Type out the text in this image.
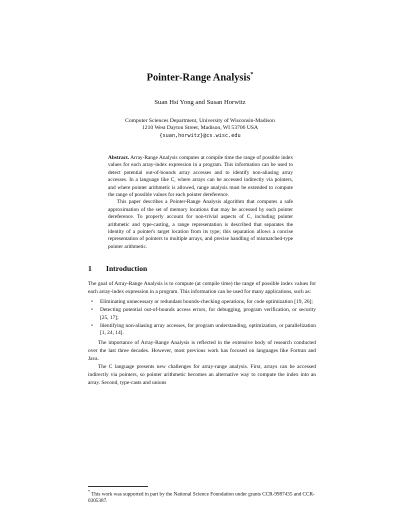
Pointer-Range Analysis*
Suan Hsi Yong and Susan Horwitz
Computer Sciences Department, University of Wisconsin-Madison
1210 West Dayton Street, Madison, WI 53706 USA
{suan,horwitz}@cs.wisc.edu

Abstract. Array-Range Analysis computes at compile time the range of possible index values for each array-index expression in a program. This information can be used to detect potential out-of-bounds array accesses and to identify non-aliasing array accesses. In a language like C, where arrays can be accessed indirectly via pointers, and where pointer arithmetic is allowed, range analysis must be extended to compute the range of possible values for each pointer dereference.

This paper describes a Pointer-Range Analysis algorithm that computes a safe approximation of the set of memory locations that may be accessed by each pointer dereference. To properly account for non-trivial aspects of C, including pointer arithmetic and type-casting, a range representation is described that separates the identity of a pointer's target location from its type; this separation allows a concise representation of pointers to multiple arrays, and precise handling of mismatched-type pointer arithmetic.

1 Introduction

The goal of Array-Range Analysis is to compute (at compile time) the range of possible index values for each array-index expression in a program. This information can be used for many applications, such as:

• Eliminating unnecessary or redundant bounds-checking operations, for code optimization [19, 26];
• Detecting potential out-of-bounds access errors, for debugging, program verification, or security [25, 17];
• Identifying non-aliasing array accesses, for program understanding, optimization, or parallelization [1, 24, 14].

The importance of Array-Range Analysis is reflected in the extensive body of research conducted over the last three decades. However, most previous work has focused on languages like Fortran and Java.

The C language presents new challenges for array-range analysis. First, arrays can be accessed indirectly via pointers, so pointer arithmetic becomes an alternative way to compute the index into an array. Second, type-casts and unions

* This work was supported in part by the National Science Foundation under grants CCR-9987435 and CCR-0305387.
